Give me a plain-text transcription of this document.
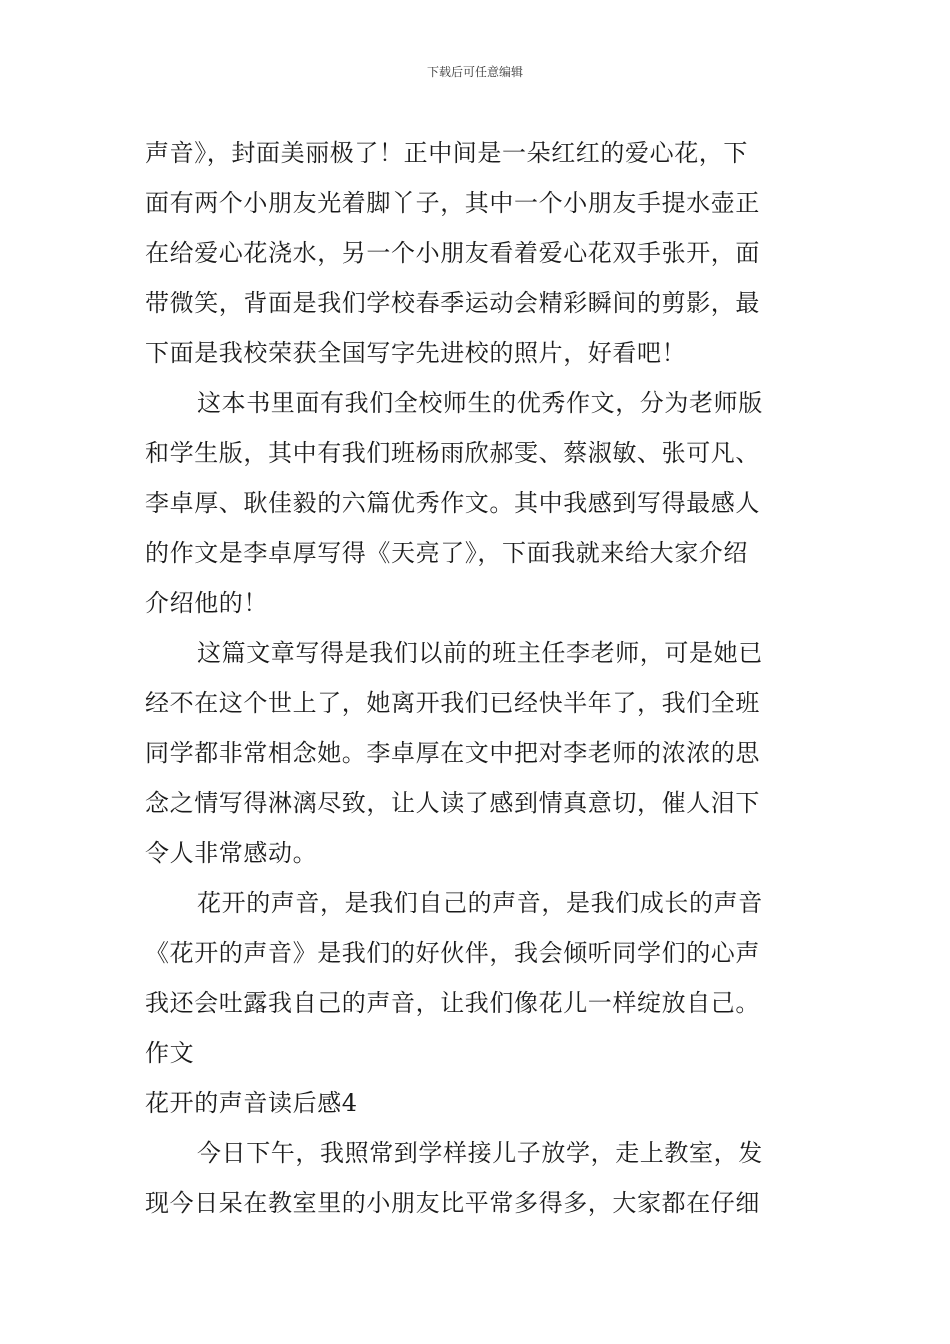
下载后可任意编辑
声音》，封面美丽极了！正中间是一朵红红的爱心花，下
面有两个小朋友光着脚丫子，其中一个小朋友手提水壶正
在给爱心花浇水，另一个小朋友看着爱心花双手张开，面
带微笑，背面是我们学校春季运动会精彩瞬间的剪影，最
下面是我校荣获全国写字先进校的照片，好看吧！
这本书里面有我们全校师生的优秀作文，分为老师版
和学生版，其中有我们班杨雨欣郝雯、蔡淑敏、张可凡、
李卓厚、耿佳毅的六篇优秀作文。其中我感到写得最感人
的作文是李卓厚写得《天亮了》，下面我就来给大家介绍
介绍他的！
这篇文章写得是我们以前的班主任李老师，可是她已
经不在这个世上了，她离开我们已经快半年了，我们全班
同学都非常相念她。李卓厚在文中把对李老师的浓浓的思
念之情写得淋漓尽致，让人读了感到情真意切，催人泪下
令人非常感动。
花开的声音，是我们自己的声音，是我们成长的声音
《花开的声音》是我们的好伙伴，我会倾听同学们的心声
我还会吐露我自己的声音，让我们像花儿一样绽放自己。
作文
花开的声音读后感4
今日下午，我照常到学样接儿子放学，走上教室，发
现今日呆在教室里的小朋友比平常多得多，大家都在仔细
